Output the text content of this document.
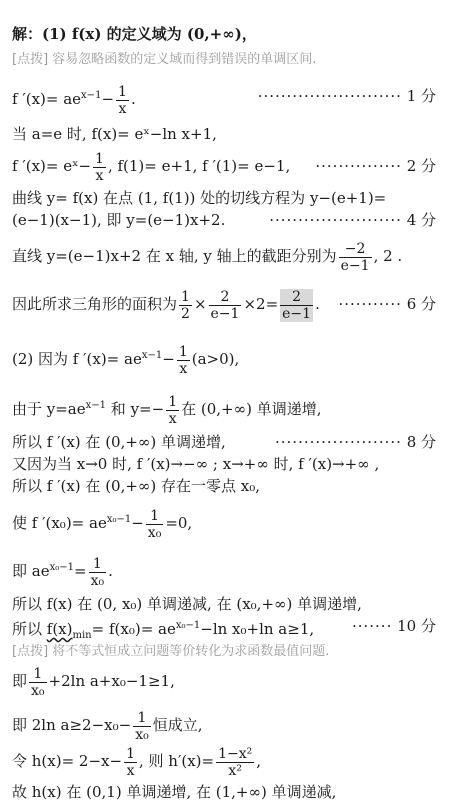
解：(1) f(x) 的定义域为 (0,+∞)，
[点拨] 容易忽略函数的定义域而得到错误的单调区间.
f $'(x)= ae^{x-1}- \frac{1}{x}$ .	························· 1 分
当 a=e 时, f(x)= eˣ−ln x+1,
f ′(x)= eˣ− $\frac{1}{x}$ , f(1)= e+1, f ′(1)= e−1, ··············· 2 分
曲线 y= f(x) 在点 (1, f(1)) 处的切线方程为 y−(e+1)=
(e−1)(x−1), 即 y=(e−1)x+2.	······················· 4 分
直线 y=(e−1)x+2 在 x 轴, y 轴上的截距分别为 $\frac{-2}{e-1}$ , 2 .
因此所求三角形的面积为 $\frac{1}{2} \times \frac{2}{e-1} \times 2= \frac{2}{e-1}$ . ··········· 6 分
(2) 因为 f $'(x)= ae^{x-1}- \frac{1}{x} (a>0)$,
由于 $y=ae^{x-1}$ 和 $y=- \frac{1}{x}$ 在 (0,+∞) 单调递增,
所以 f ′(x) 在 (0,+∞) 单调递增,	······················ 8 分
又因为当 x→0 时, f ′(x)→−∞ ; x→+∞ 时, f ′(x)→+∞ ,
所以 f ′(x) 在 (0,+∞) 存在一零点 x₀,
使 f $'(x_0)= ae^{x_0-1}- \frac{1}{\text{x₀}} =0$,
即 $ae^{x_0-1}= \frac{1}{\text{x₀}}$ .
所以 f(x) 在 (0, x₀) 单调递减, 在 (x₀,+∞) 单调递增,
所以 $f(x)_{min}= f(x_0)= ae^{x_0-1}-\ln$ x₀+ln a≥1,	······· 10 分
[点拨] 将不等式恒成立问题等价转化为求函数最值问题.
即 $\frac{1}{\text{x₀}} +2\ln$ a+x₀−1≥1,
即 2ln $a\ge 2-x_0- \frac{1}{\text{x₀}}$ 恒成立,
令 $h(x)= 2-x- \frac{1}{x}$ , 则 $h'(x)= \frac{\text{1−x²}}{\text{x²}}$ ,
故 h(x) 在 (0,1) 单调递增, 在 (1,+∞) 单调递减,
